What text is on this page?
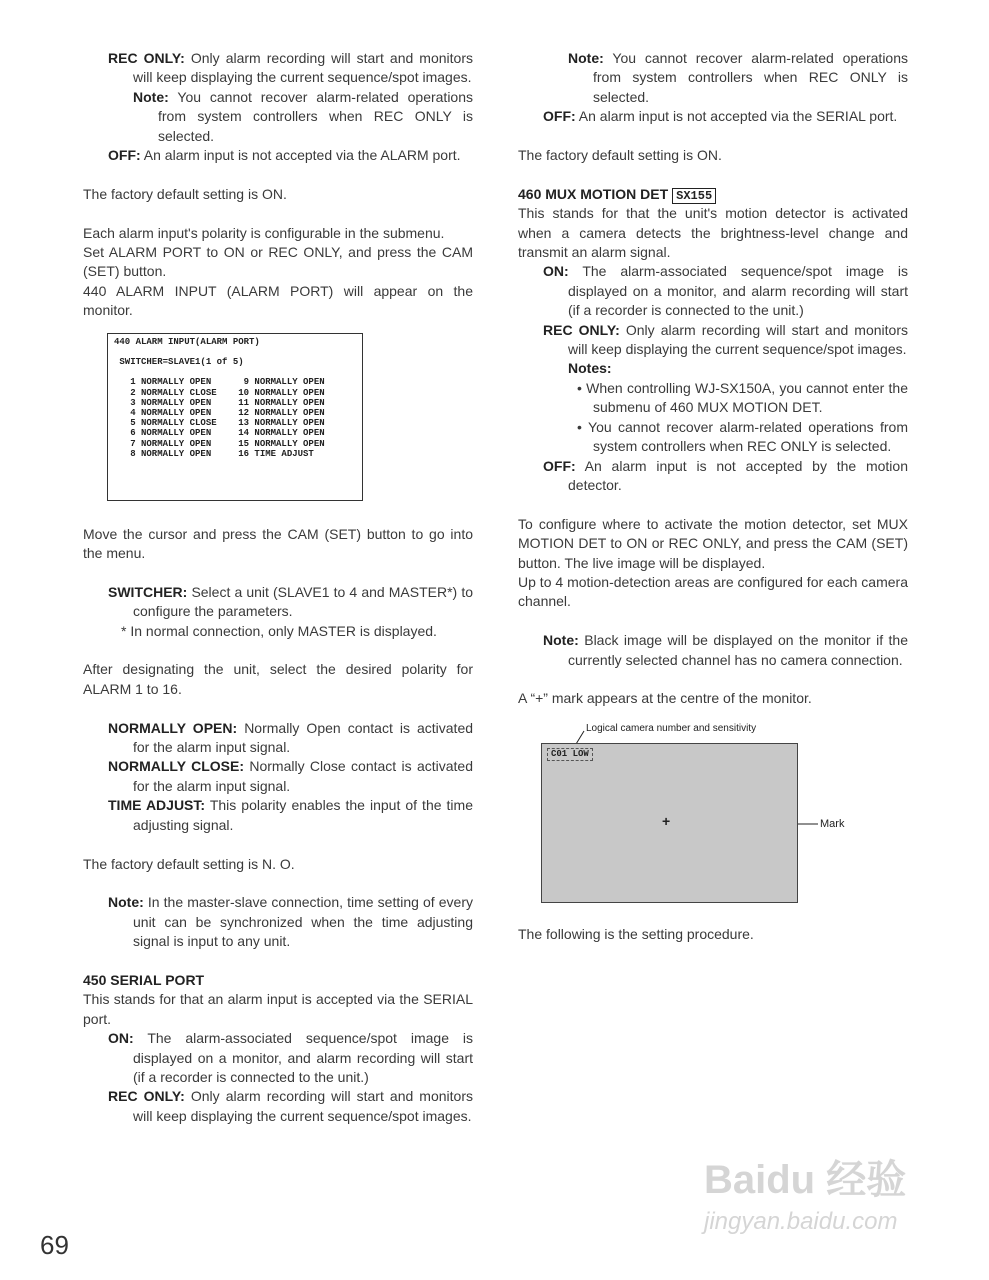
REC ONLY: Only alarm recording will start and monitors will keep displaying the current sequence/spot images.

Note: You cannot recover alarm-related operations from system controllers when REC ONLY is selected.

OFF: An alarm input is not accepted via the ALARM port.

The factory default setting is ON.

Each alarm input's polarity is configurable in the submenu.

Set ALARM PORT to ON or REC ONLY, and press the CAM (SET) button.

440 ALARM INPUT (ALARM PORT) will appear on the monitor.

440 ALARM INPUT(ALARM PORT)

SWITCHER=SLAVE1(1 of 5)

1 NORMALLY OPEN      9 NORMALLY OPEN
2 NORMALLY CLOSE    10 NORMALLY OPEN
3 NORMALLY OPEN     11 NORMALLY OPEN
4 NORMALLY OPEN     12 NORMALLY OPEN
5 NORMALLY CLOSE    13 NORMALLY OPEN
6 NORMALLY OPEN     14 NORMALLY OPEN
7 NORMALLY OPEN     15 NORMALLY OPEN
8 NORMALLY OPEN     16 TIME ADJUST

Move the cursor and press the CAM (SET) button to go into the menu.

SWITCHER: Select a unit (SLAVE1 to 4 and MASTER*) to configure the parameters.

* In normal connection, only MASTER is displayed.

After designating the unit, select the desired polarity for ALARM 1 to 16.

NORMALLY OPEN: Normally Open contact is activated for the alarm input signal.

NORMALLY CLOSE: Normally Close contact is activated for the alarm input signal.

TIME ADJUST: This polarity enables the input of the time adjusting signal.

The factory default setting is N. O.

Note: In the master-slave connection, time setting of every unit can be synchronized when the time adjusting signal is input to any unit.

450 SERIAL PORT

This stands for that an alarm input is accepted via the SERIAL port.

ON: The alarm-associated sequence/spot image is displayed on a monitor, and alarm recording will start (if a recorder is connected to the unit.)

REC ONLY: Only alarm recording will start and monitors will keep displaying the current sequence/spot images.

Note: You cannot recover alarm-related operations from system controllers when REC ONLY is selected.

OFF: An alarm input is not accepted via the SERIAL port.

The factory default setting is ON.

460 MUX MOTION DET SX155

This stands for that the unit's motion detector is activated when a camera detects the brightness-level change and transmit an alarm signal.

ON: The alarm-associated sequence/spot image is displayed on a monitor, and alarm recording will start (if a recorder is connected to the unit.)

REC ONLY: Only alarm recording will start and monitors will keep displaying the current sequence/spot images.

Notes:

• When controlling WJ-SX150A, you cannot enter the submenu of 460 MUX MOTION DET.

• You cannot recover alarm-related operations from system controllers when REC ONLY is selected.

OFF: An alarm input is not accepted by the motion detector.

To configure where to activate the motion detector, set MUX MOTION DET to ON or REC ONLY, and press the CAM (SET) button. The live image will be displayed.

Up to 4 motion-detection areas are configured for each camera channel.

Note: Black image will be displayed on the monitor if the currently selected channel has no camera connection.

A “+” mark appears at the centre of the monitor.

Logical camera number and sensitivity
C01 LOW
+	Mark

The following is the setting procedure.

69
Baidu 经验
jingyan.baidu.com
